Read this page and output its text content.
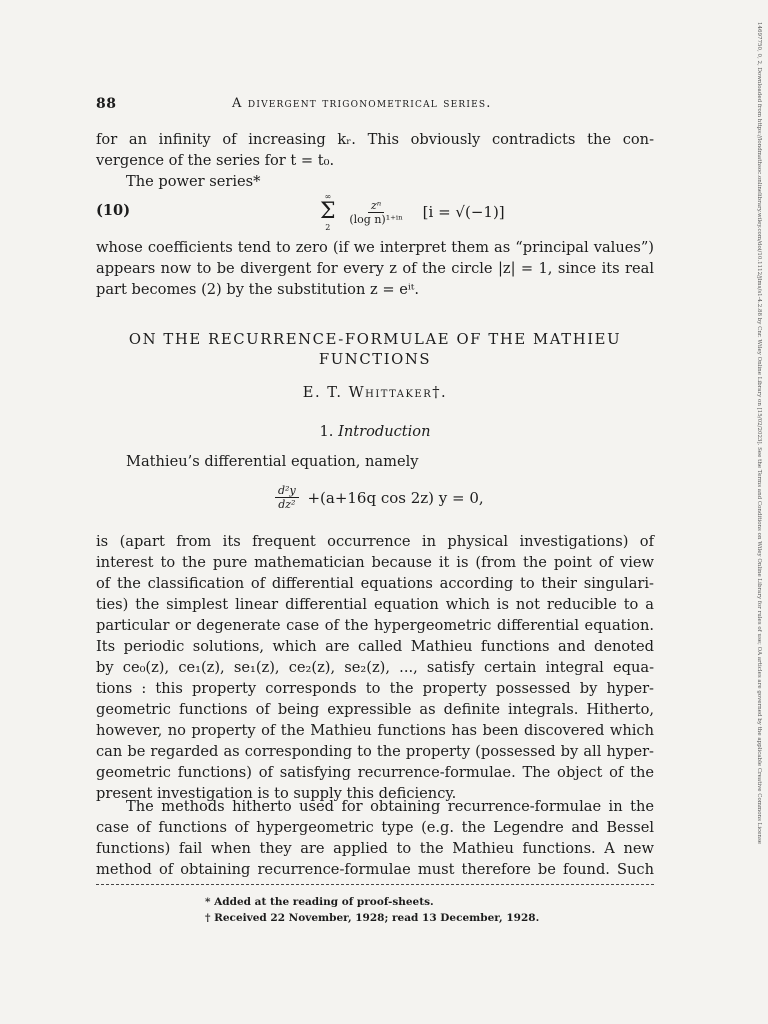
88	A divergent trigonometrical series.
for an infinity of increasing kᵣ. This obviously contradicts the con-
vergence of the series for t = t₀.
The power series*
(10)
∞
Σ
2

$\frac{\text{zⁿ}}{\text{(log n)¹⁺ⁱⁿ}} [i = √(-1)]$
whose coefficients tend to zero (if we interpret them as “principal values”)
appears now to be divergent for every z of the circle |z| = 1, since its real
part becomes (2) by the substitution z = eⁱᵗ.
ON THE RECURRENCE-FORMULAE OF THE MATHIEU
FUNCTIONS
E. T. Whittaker†.
1. Introduction
Mathieu’s differential equation, namely
$\frac{\text{d²y}}{\text{dz²}} +(a+16q$ cos 2z) y = 0,
is (apart from its frequent occurrence in physical investigations) of
interest to the pure mathematician because it is (from the point of view
of the classification of differential equations according to their singulari-
ties) the simplest linear differential equation which is not reducible to a
particular or degenerate case of the hypergeometric differential equation.
Its periodic solutions, which are called Mathieu functions and denoted
by ce₀(z), ce₁(z), se₁(z), ce₂(z), se₂(z), ..., satisfy certain integral equa-
tions : this property corresponds to the property possessed by hyper-
geometric functions of being expressible as definite integrals. Hitherto,
however, no property of the Mathieu functions has been discovered which
can be regarded as corresponding to the property (possessed by all hyper-
geometric functions) of satisfying recurrence-formulae. The object of the
present investigation is to supply this deficiency.
The methods hitherto used for obtaining recurrence-formulae in the
case of functions of hypergeometric type (e.g. the Legendre and Bessel
functions) fail when they are applied to the Mathieu functions. A new
method of obtaining recurrence-formulae must therefore be found. Such
* Added at the reading of proof-sheets.
† Received 22 November, 1928; read 13 December, 1928.
14697750, 0, 2, Downloaded from https://londmathsoc.onlinelibrary.wiley.com/doi/10.1112/jlms/s1-4.2.88 by Cnr. Wiley Online Library on [15/02/2023]. See the Terms and Conditions on Wiley Online Library for rules of use; OA articles are governed by the applicable Creative Commons License
